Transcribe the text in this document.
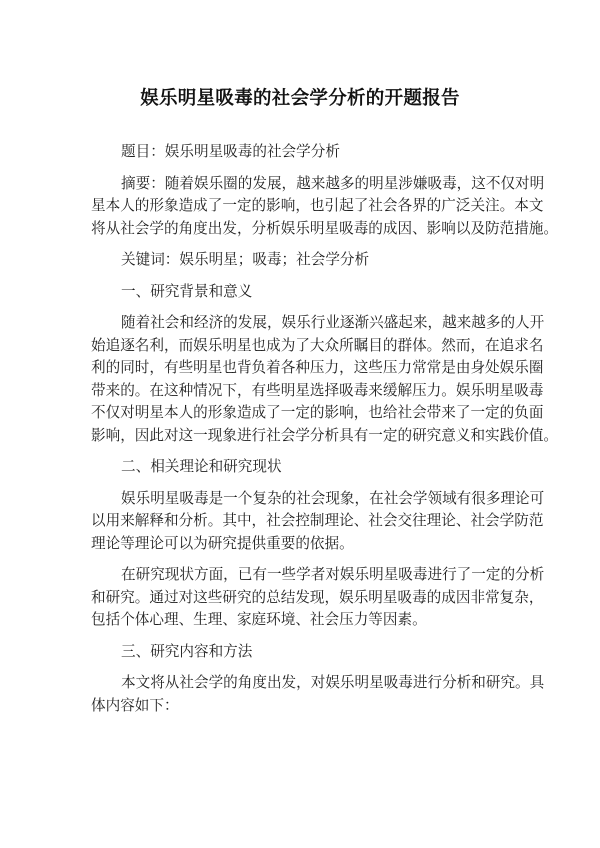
娱乐明星吸毒的社会学分析的开题报告

题目：娱乐明星吸毒的社会学分析

摘要：随着娱乐圈的发展，越来越多的明星涉嫌吸毒，这不仅对明
星本人的形象造成了一定的影响，也引起了社会各界的广泛关注。本文
将从社会学的角度出发，分析娱乐明星吸毒的成因、影响以及防范措施。

关键词：娱乐明星；吸毒；社会学分析

一、研究背景和意义

随着社会和经济的发展，娱乐行业逐渐兴盛起来，越来越多的人开
始追逐名利，而娱乐明星也成为了大众所瞩目的群体。然而，在追求名
利的同时，有些明星也背负着各种压力，这些压力常常是由身处娱乐圈
带来的。在这种情况下，有些明星选择吸毒来缓解压力。娱乐明星吸毒
不仅对明星本人的形象造成了一定的影响，也给社会带来了一定的负面
影响，因此对这一现象进行社会学分析具有一定的研究意义和实践价值。

二、相关理论和研究现状

娱乐明星吸毒是一个复杂的社会现象，在社会学领域有很多理论可
以用来解释和分析。其中，社会控制理论、社会交往理论、社会学防范
理论等理论可以为研究提供重要的依据。

在研究现状方面，已有一些学者对娱乐明星吸毒进行了一定的分析
和研究。通过对这些研究的总结发现，娱乐明星吸毒的成因非常复杂，
包括个体心理、生理、家庭环境、社会压力等因素。

三、研究内容和方法

本文将从社会学的角度出发，对娱乐明星吸毒进行分析和研究。具
体内容如下：
